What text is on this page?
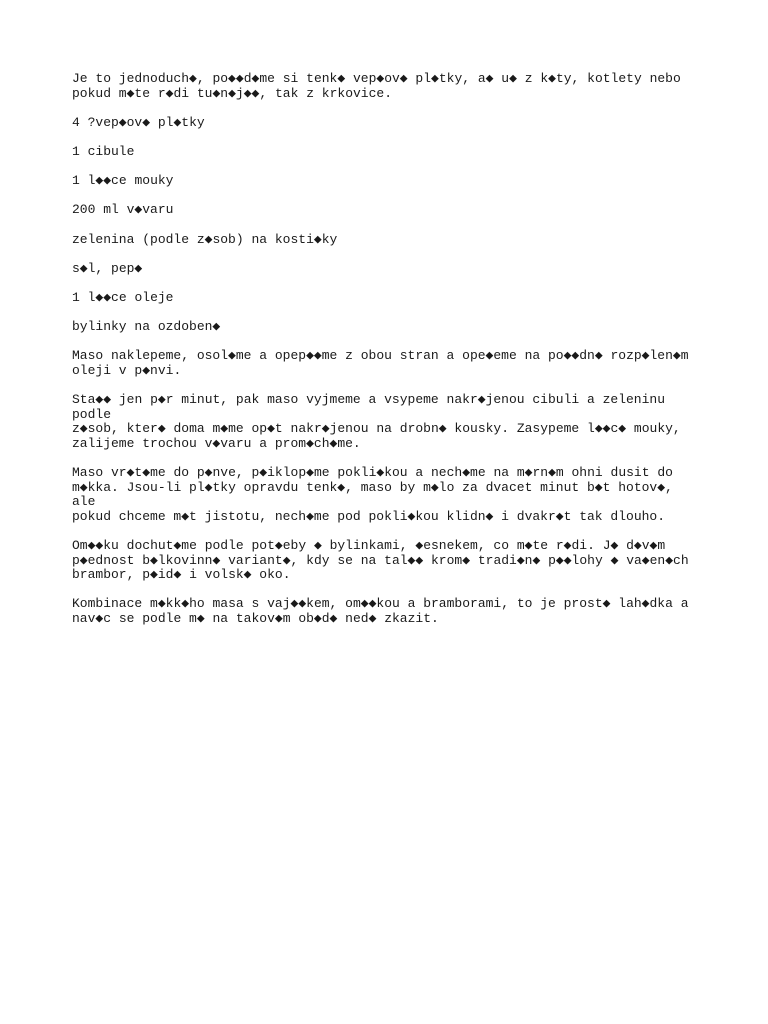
Je to jednoduch◆, po◆◆d◆me si tenk◆ vep◆ov◆ pl◆tky, a◆ u◆ z k◆ty, kotlety nebo
pokud m◆te r◆di tu◆n◆j◆◆, tak z krkovice.

4 ?vep◆ov◆ pl◆tky

1 cibule

1 l◆◆ce mouky

200 ml v◆varu

zelenina (podle z◆sob) na kosti◆ky

s◆l, pep◆

1 l◆◆ce oleje

bylinky na ozdoben◆

Maso naklepeme, osol◆me a opep◆◆me z obou stran a ope◆eme na po◆◆dn◆ rozp◆len◆m
oleji v p◆nvi.

Sta◆◆ jen p◆r minut, pak maso vyjmeme a vsypeme nakr◆jenou cibuli a zeleninu podle
z◆sob, kter◆ doma m◆me op◆t nakr◆jenou na drobn◆ kousky. Zasypeme l◆◆c◆ mouky,
zalijeme trochou v◆varu a prom◆ch◆me.

Maso vr◆t◆me do p◆nve, p◆iklop◆me pokli◆kou a nech◆me na m◆rn◆m ohni dusit do
m◆kka. Jsou-li pl◆tky opravdu tenk◆, maso by m◆lo za dvacet minut b◆t hotov◆, ale
pokud chceme m◆t jistotu, nech◆me pod pokli◆kou klidn◆ i dvakr◆t tak dlouho.

Om◆◆ku dochut◆me podle pot◆eby ◆ bylinkami, ◆esnekem, co m◆te r◆di. J◆ d◆v◆m
p◆ednost b◆lkovinn◆ variant◆, kdy se na tal◆◆ krom◆ tradi◆n◆ p◆◆lohy ◆ va◆en◆ch
brambor, p◆id◆ i volsk◆ oko.

Kombinace m◆kk◆ho masa s vaj◆◆kem, om◆◆kou a bramborami, to je prost◆ lah◆dka a
nav◆c se podle m◆ na takov◆m ob◆d◆ ned◆ zkazit.
